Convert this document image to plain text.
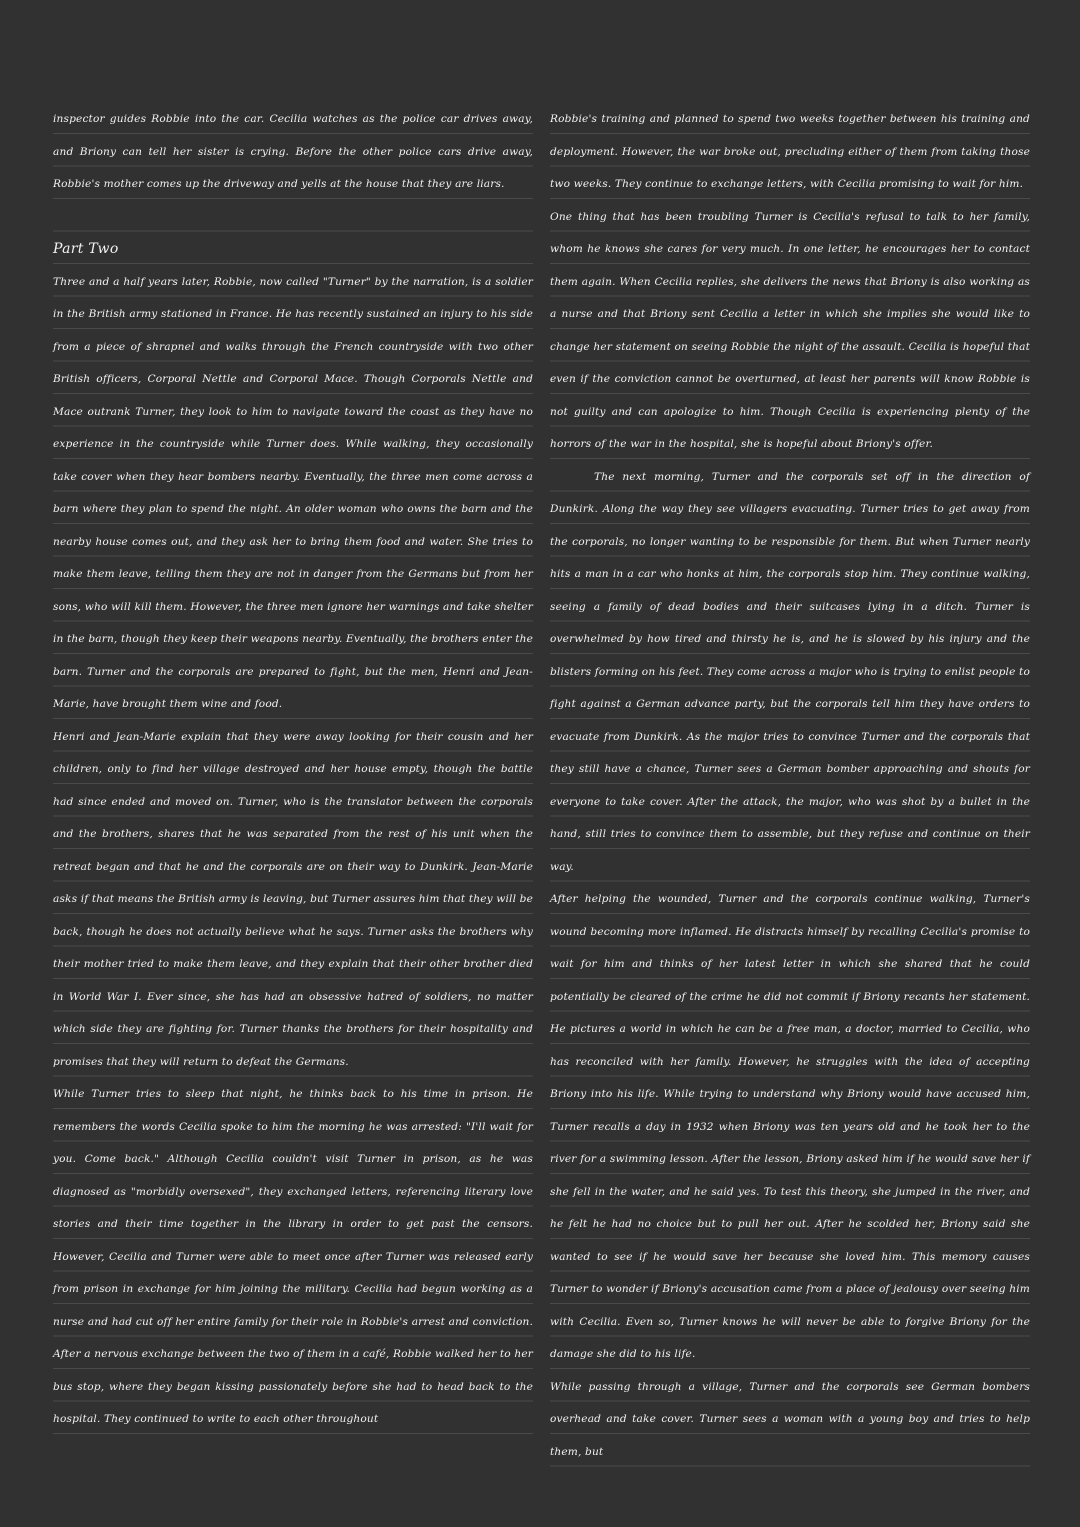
inspector guides Robbie into the car. Cecilia watches as the police car drives away, and Briony can tell her sister is crying. Before the other police cars drive away, Robbie's mother comes up the driveway and yells at the house that they are liars.

Part Two

Three and a half years later, Robbie, now called "Turner" by the narration, is a soldier in the British army stationed in France. He has recently sustained an injury to his side from a piece of shrapnel and walks through the French countryside with two other British officers, Corporal Nettle and Corporal Mace. Though Corporals Nettle and Mace outrank Turner, they look to him to navigate toward the coast as they have no experience in the countryside while Turner does. While walking, they occasionally take cover when they hear bombers nearby. Eventually, the three men come across a barn where they plan to spend the night. An older woman who owns the barn and the nearby house comes out, and they ask her to bring them food and water. She tries to make them leave, telling them they are not in danger from the Germans but from her sons, who will kill them. However, the three men ignore her warnings and take shelter in the barn, though they keep their weapons nearby. Eventually, the brothers enter the barn. Turner and the corporals are prepared to fight, but the men, Henri and Jean-Marie, have brought them wine and food.

Henri and Jean-Marie explain that they were away looking for their cousin and her children, only to find her village destroyed and her house empty, though the battle had since ended and moved on. Turner, who is the translator between the corporals and the brothers, shares that he was separated from the rest of his unit when the retreat began and that he and the corporals are on their way to Dunkirk. Jean-Marie asks if that means the British army is leaving, but Turner assures him that they will be back, though he does not actually believe what he says. Turner asks the brothers why their mother tried to make them leave, and they explain that their other brother died in World War I. Ever since, she has had an obsessive hatred of soldiers, no matter which side they are fighting for. Turner thanks the brothers for their hospitality and promises that they will return to defeat the Germans.

While Turner tries to sleep that night, he thinks back to his time in prison. He remembers the words Cecilia spoke to him the morning he was arrested: "I'll wait for you. Come back." Although Cecilia couldn't visit Turner in prison, as he was diagnosed as "morbidly oversexed", they exchanged letters, referencing literary love stories and their time together in the library in order to get past the censors. However, Cecilia and Turner were able to meet once after Turner was released early from prison in exchange for him joining the military. Cecilia had begun working as a nurse and had cut off her entire family for their role in Robbie's arrest and conviction. After a nervous exchange between the two of them in a café, Robbie walked her to her bus stop, where they began kissing passionately before she had to head back to the hospital. They continued to write to each other throughout

Robbie's training and planned to spend two weeks together between his training and deployment. However, the war broke out, precluding either of them from taking those two weeks. They continue to exchange letters, with Cecilia promising to wait for him.

One thing that has been troubling Turner is Cecilia's refusal to talk to her family, whom he knows she cares for very much. In one letter, he encourages her to contact them again. When Cecilia replies, she delivers the news that Briony is also working as a nurse and that Briony sent Cecilia a letter in which she implies she would like to change her statement on seeing Robbie the night of the assault. Cecilia is hopeful that even if the conviction cannot be overturned, at least her parents will know Robbie is not guilty and can apologize to him. Though Cecilia is experiencing plenty of the horrors of the war in the hospital, she is hopeful about Briony's offer.

The next morning, Turner and the corporals set off in the direction of Dunkirk. Along the way they see villagers evacuating. Turner tries to get away from the corporals, no longer wanting to be responsible for them. But when Turner nearly hits a man in a car who honks at him, the corporals stop him. They continue walking, seeing a family of dead bodies and their suitcases lying in a ditch. Turner is overwhelmed by how tired and thirsty he is, and he is slowed by his injury and the blisters forming on his feet. They come across a major who is trying to enlist people to fight against a German advance party, but the corporals tell him they have orders to evacuate from Dunkirk. As the major tries to convince Turner and the corporals that they still have a chance, Turner sees a German bomber approaching and shouts for everyone to take cover. After the attack, the major, who was shot by a bullet in the hand, still tries to convince them to assemble, but they refuse and continue on their way.

After helping the wounded, Turner and the corporals continue walking, Turner's wound becoming more inflamed. He distracts himself by recalling Cecilia's promise to wait for him and thinks of her latest letter in which she shared that he could potentially be cleared of the crime he did not commit if Briony recants her statement. He pictures a world in which he can be a free man, a doctor, married to Cecilia, who has reconciled with her family. However, he struggles with the idea of accepting Briony into his life. While trying to understand why Briony would have accused him, Turner recalls a day in 1932 when Briony was ten years old and he took her to the river for a swimming lesson. After the lesson, Briony asked him if he would save her if she fell in the water, and he said yes. To test this theory, she jumped in the river, and he felt he had no choice but to pull her out. After he scolded her, Briony said she wanted to see if he would save her because she loved him. This memory causes Turner to wonder if Briony's accusation came from a place of jealousy over seeing him with Cecilia. Even so, Turner knows he will never be able to forgive Briony for the damage she did to his life.

While passing through a village, Turner and the corporals see German bombers overhead and take cover. Turner sees a woman with a young boy and tries to help them, but
